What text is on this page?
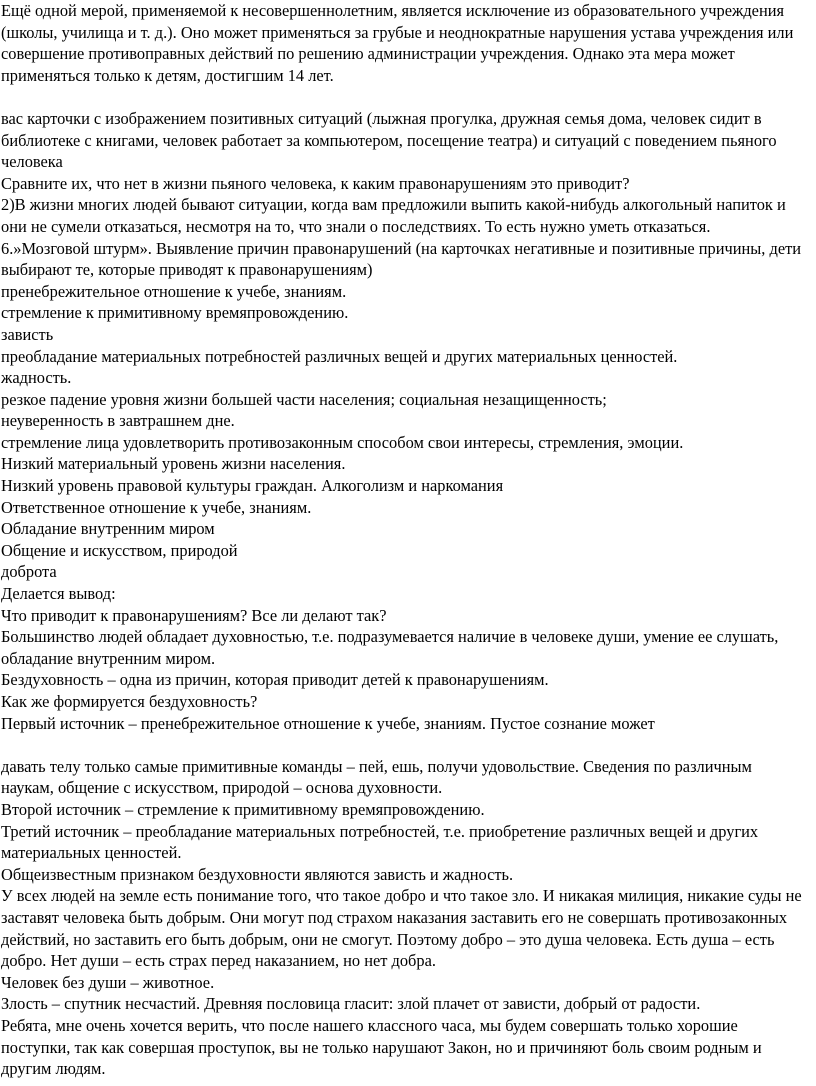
Ещё одной мерой, применяемой к несовершеннолетним, является исключение из образовательного учреждения (школы, училища и т. д.). Оно может применяться за грубые и неоднократные нарушения устава учреждения или совершение противоправных действий по решению администрации учреждения. Однако эта мера может применяться только к детям, достигшим 14 лет.

вас карточки с изображением позитивных ситуаций (лыжная прогулка, дружная семья дома, человек сидит в библиотеке с книгами, человек работает за компьютером, посещение театра) и ситуаций с поведением пьяного человека

Сравните их, что нет в жизни пьяного человека, к каким правонарушениям это приводит?

2)В жизни многих людей бывают ситуации, когда вам предложили выпить какой-нибудь алкогольный напиток и они не сумели отказаться, несмотря на то, что знали о последствиях. То есть нужно уметь отказаться.

6.»Мозговой штурм». Выявление причин правонарушений (на карточках негативные и позитивные причины, дети выбирают те, которые приводят к правонарушениям)

пренебрежительное отношение к учебе, знаниям.

стремление к примитивному времяпровождению.

зависть

преобладание материальных потребностей различных вещей и других материальных ценностей.

жадность.

резкое падение уровня жизни большей части населения; социальная незащищенность;

неуверенность в завтрашнем дне.

стремление лица удовлетворить противозаконным способом свои интересы, стремления, эмоции.

Низкий материальный уровень жизни населения.

Низкий уровень правовой культуры граждан. Алкоголизм и наркомания

Ответственное отношение к учебе, знаниям.

Обладание внутренним миром

Общение и искусством, природой

доброта

Делается вывод:

Что приводит к правонарушениям? Все ли делают так?

Большинство людей обладает духовностью, т.е. подразумевается наличие в человеке души, умение ее слушать, обладание внутренним миром.

Бездуховность – одна из причин, которая приводит детей к правонарушениям.

Как же формируется бездуховность?

Первый источник – пренебрежительное отношение к учебе, знаниям. Пустое сознание может

давать телу только самые примитивные команды – пей, ешь, получи удовольствие. Сведения по различным наукам, общение с искусством, природой – основа духовности.

Второй источник – стремление к примитивному времяпровождению.

Третий источник – преобладание материальных потребностей, т.е. приобретение различных вещей и других материальных ценностей.

Общеизвестным признаком бездуховности являются зависть и жадность.

У всех людей на земле есть понимание того, что такое добро и что такое зло. И никакая милиция, никакие суды не заставят человека быть добрым. Они могут под страхом наказания заставить его не совершать противозаконных действий, но заставить его быть добрым, они не смогут. Поэтому добро – это душа человека. Есть душа – есть добро. Нет души – есть страх перед наказанием, но нет добра.

Человек без души – животное.

Злость – спутник несчастий. Древняя пословица гласит: злой плачет от зависти, добрый от радости.

Ребята, мне очень хочется верить, что после нашего классного часа, мы будем совершать только хорошие поступки, так как совершая проступок, вы не только нарушают Закон, но и причиняют боль своим родным и другим людям.
